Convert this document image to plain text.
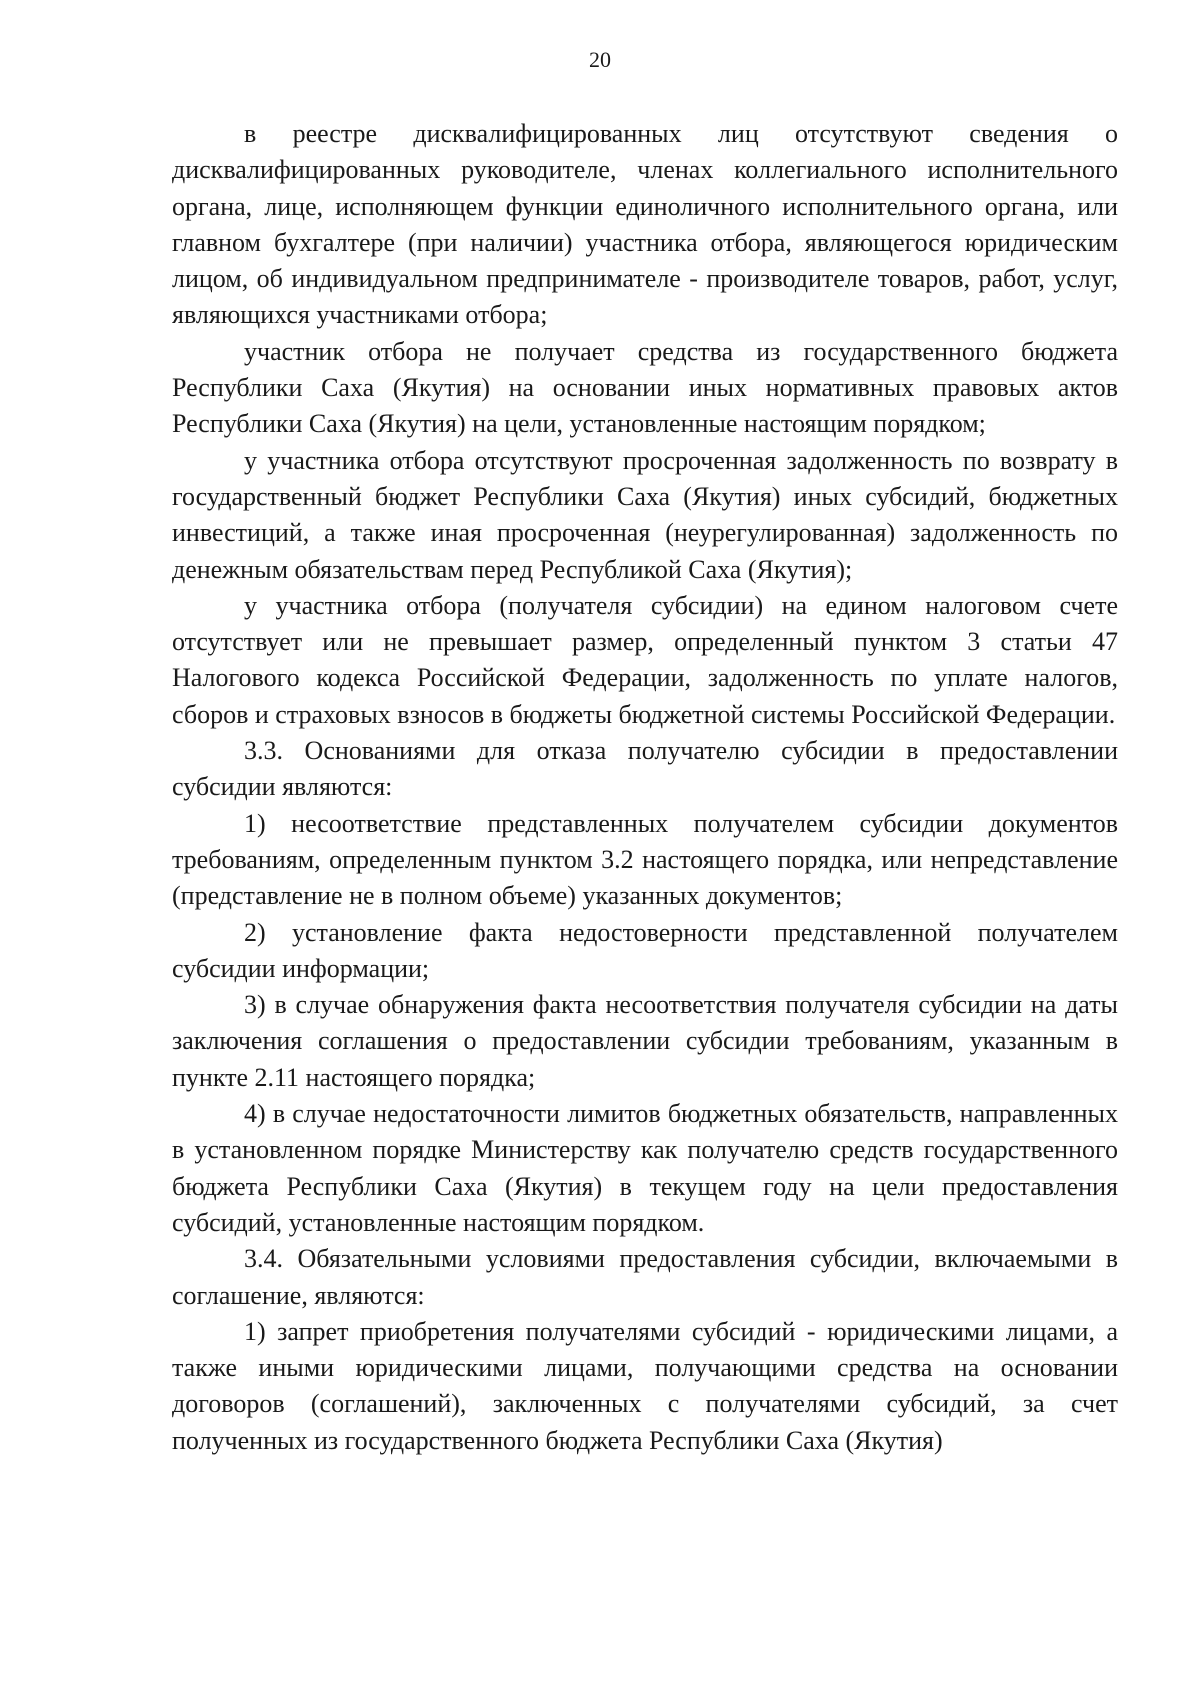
20

в реестре дисквалифицированных лиц отсутствуют сведения о дисквалифицированных руководителе, членах коллегиального исполнительного органа, лице, исполняющем функции единоличного исполнительного органа, или главном бухгалтере (при наличии) участника отбора, являющегося юридическим лицом, об индивидуальном предпринимателе - производителе товаров, работ, услуг, являющихся участниками отбора;

участник отбора не получает средства из государственного бюджета Республики Саха (Якутия) на основании иных нормативных правовых актов Республики Саха (Якутия) на цели, установленные настоящим порядком;

у участника отбора отсутствуют просроченная задолженность по возврату в государственный бюджет Республики Саха (Якутия) иных субсидий, бюджетных инвестиций, а также иная просроченная (неурегулированная) задолженность по денежным обязательствам перед Республикой Саха (Якутия);

у участника отбора (получателя субсидии) на едином налоговом счете отсутствует или не превышает размер, определенный пунктом 3 статьи 47 Налогового кодекса Российской Федерации, задолженность по уплате налогов, сборов и страховых взносов в бюджеты бюджетной системы Российской Федерации.

3.3. Основаниями для отказа получателю субсидии в предоставлении субсидии являются:

1) несоответствие представленных получателем субсидии документов требованиям, определенным пунктом 3.2 настоящего порядка, или непредставление (представление не в полном объеме) указанных документов;

2) установление факта недостоверности представленной получателем субсидии информации;

3) в случае обнаружения факта несоответствия получателя субсидии на даты заключения соглашения о предоставлении субсидии требованиям, указанным в пункте 2.11 настоящего порядка;

4) в случае недостаточности лимитов бюджетных обязательств, направленных в установленном порядке Министерству как получателю средств государственного бюджета Республики Саха (Якутия) в текущем году на цели предоставления субсидий, установленные настоящим порядком.

3.4. Обязательными условиями предоставления субсидии, включаемыми в соглашение, являются:

1) запрет приобретения получателями субсидий - юридическими лицами, а также иными юридическими лицами, получающими средства на основании договоров (соглашений), заключенных с получателями субсидий, за счет полученных из государственного бюджета Республики Саха (Якутия)
